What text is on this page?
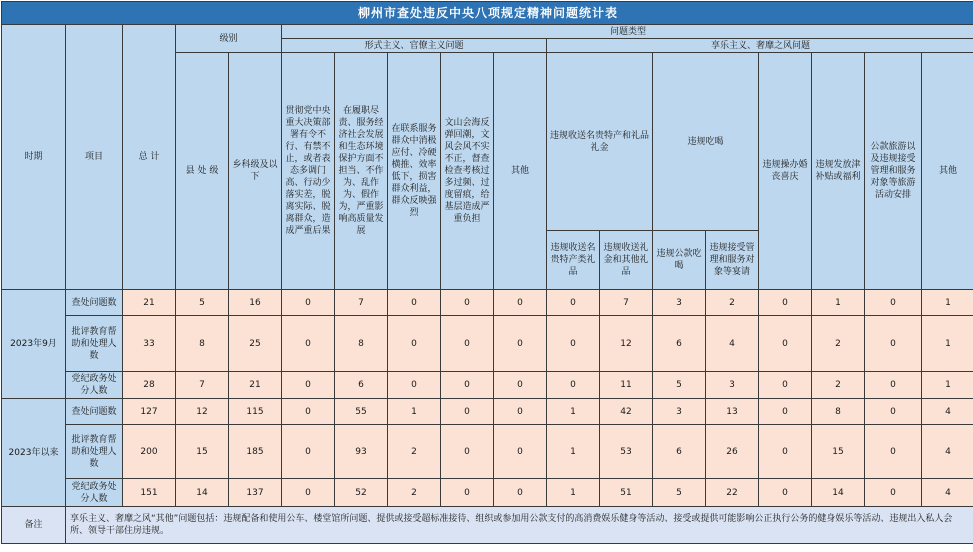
柳州市查处违反中央八项规定精神问题统计表																	
时期	项目	总 计	级别		问题类型												
					形式主义、官僚主义问题					享乐主义、奢靡之风问题							
			县 处 级	乡科级及以下	贯彻党中央重大决策部署有令不行、有禁不止，或者表态多调门高、行动少落实差，脱离实际、脱离群众，造成严重后果	在履职尽责、服务经济社会发展和生态环境保护方面不担当、不作为、乱作为、假作为，严重影响高质量发展	在联系服务群众中消极应付、冷硬横推、效率低下，损害群众利益，群众反映强烈	文山会海反弹回潮，文风会风不实不正，督查检查考核过多过频、过度留痕，给基层造成严重负担	其他	违规收送名贵特产和礼品礼金		违规吃喝		违规操办婚丧喜庆	违规发放津补贴或福利	公款旅游以及违规接受管理和服务对象等旅游活动安排	其他

										违规收送名贵特产类礼品	违规收送礼金和其他礼品	违规公款吃喝	违规接受管理和服务对象等宴请				
2023年9月	查处问题数	21	5	16	0	7	0	0	0	0	7	3	2	0	1	0	1
	批评教育帮助和处理人数	33	8	25	0	8	0	0	0	0	12	6	4	0	2	0	1
	党纪政务处分人数	28	7	21	0	6	0	0	0	0	11	5	3	0	2	0	1
2023年以来	查处问题数	127	12	115	0	55	1	0	0	1	42	3	13	0	8	0	4
	批评教育帮助和处理人数	200	15	185	0	93	2	0	0	1	53	6	26	0	15	0	4
	党纪政务处分人数	151	14	137	0	52	2	0	0	1	51	5	22	0	14	0	4
备注	享乐主义、奢靡之风“其他”问题包括：违规配备和使用公车、楼堂馆所问题、提供或接受超标准接待、组织或参加用公款支付的高消费娱乐健身等活动、接受或提供可能影响公正执行公务的健身娱乐等活动、违规出入私人会所、领导干部住房违规。																
